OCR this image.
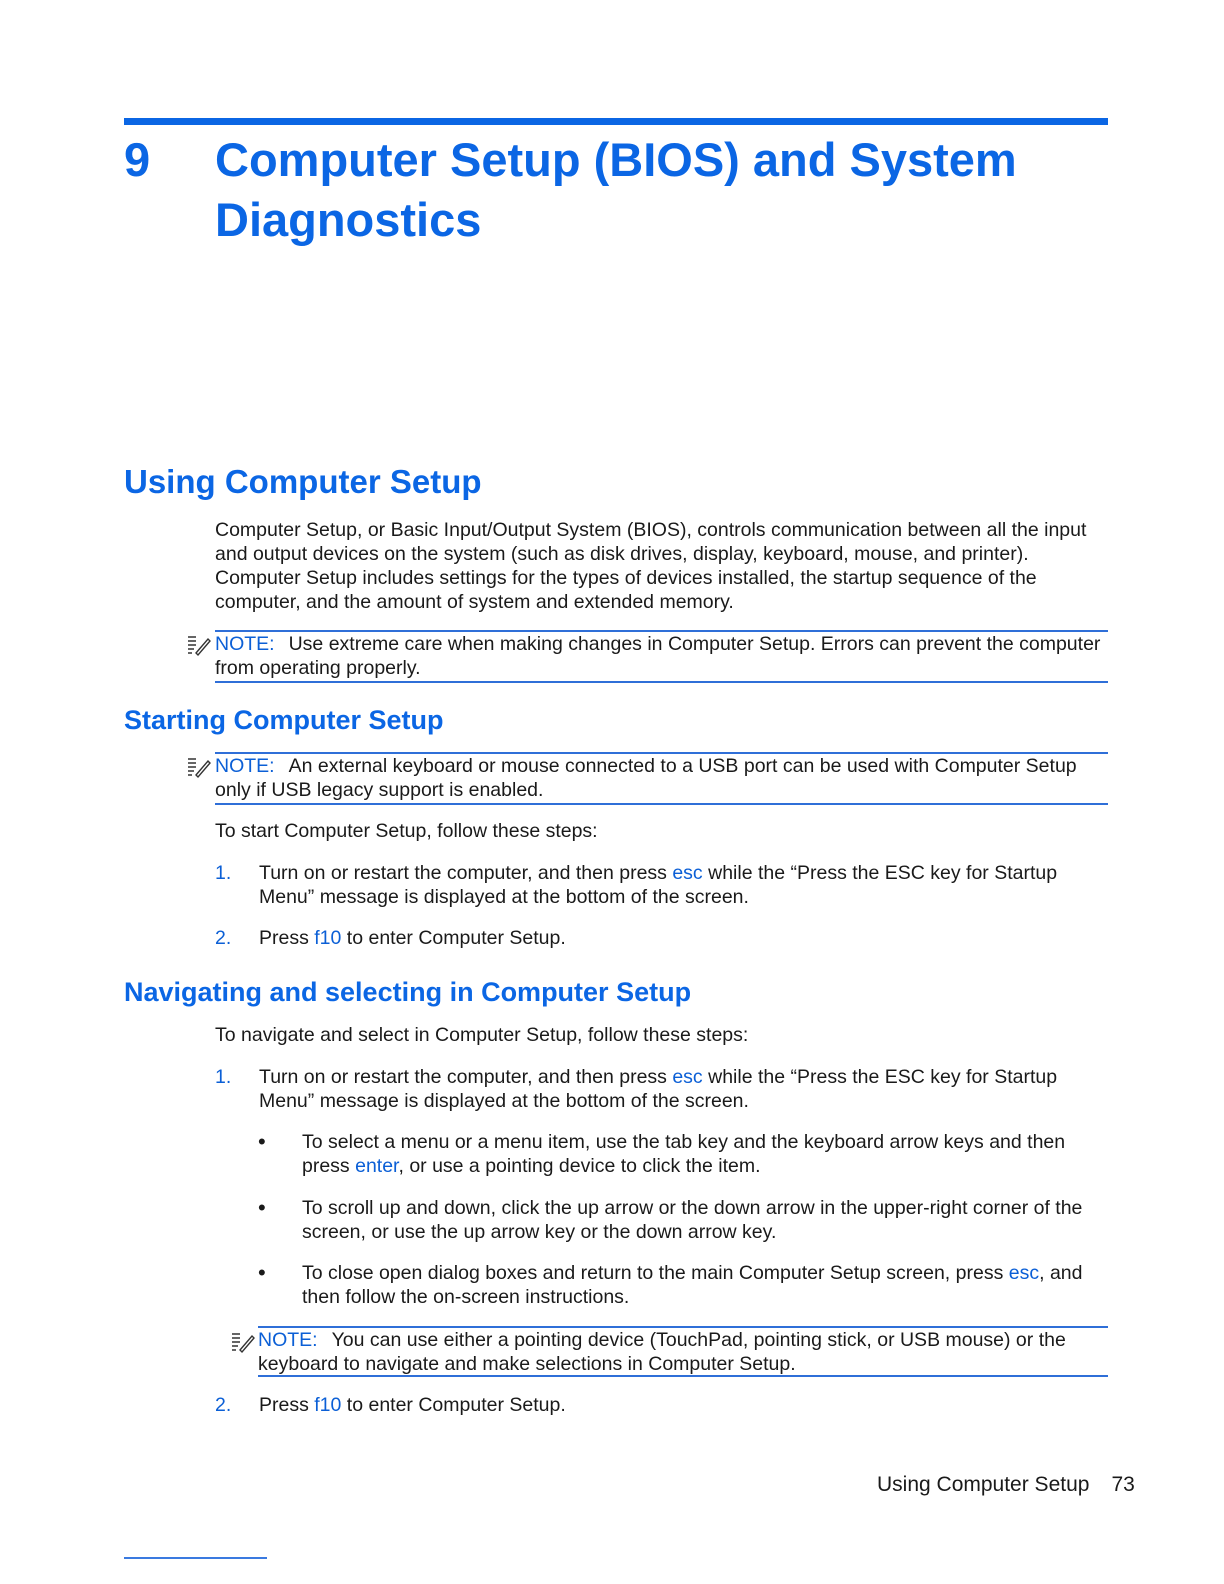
9 Computer Setup (BIOS) and System Diagnostics
Using Computer Setup

Computer Setup, or Basic Input/Output System (BIOS), controls communication between all the input and output devices on the system (such as disk drives, display, keyboard, mouse, and printer). Computer Setup includes settings for the types of devices installed, the startup sequence of the computer, and the amount of system and extended memory.

NOTE: Use extreme care when making changes in Computer Setup. Errors can prevent the computer from operating properly.
Starting Computer Setup
NOTE: An external keyboard or mouse connected to a USB port can be used with Computer Setup only if USB legacy support is enabled.

To start Computer Setup, follow these steps:

1. Turn on or restart the computer, and then press esc while the “Press the ESC key for Startup Menu” message is displayed at the bottom of the screen.
2. Press f10 to enter Computer Setup.
Navigating and selecting in Computer Setup

To navigate and select in Computer Setup, follow these steps:

1. Turn on or restart the computer, and then press esc while the “Press the ESC key for Startup Menu” message is displayed at the bottom of the screen.
• To select a menu or a menu item, use the tab key and the keyboard arrow keys and then press enter, or use a pointing device to click the item.
• To scroll up and down, click the up arrow or the down arrow in the upper-right corner of the screen, or use the up arrow key or the down arrow key.
• To close open dialog boxes and return to the main Computer Setup screen, press esc, and then follow the on-screen instructions.
NOTE: You can use either a pointing device (TouchPad, pointing stick, or USB mouse) or the keyboard to navigate and make selections in Computer Setup.
2. Press f10 to enter Computer Setup.
Using Computer Setup 73
